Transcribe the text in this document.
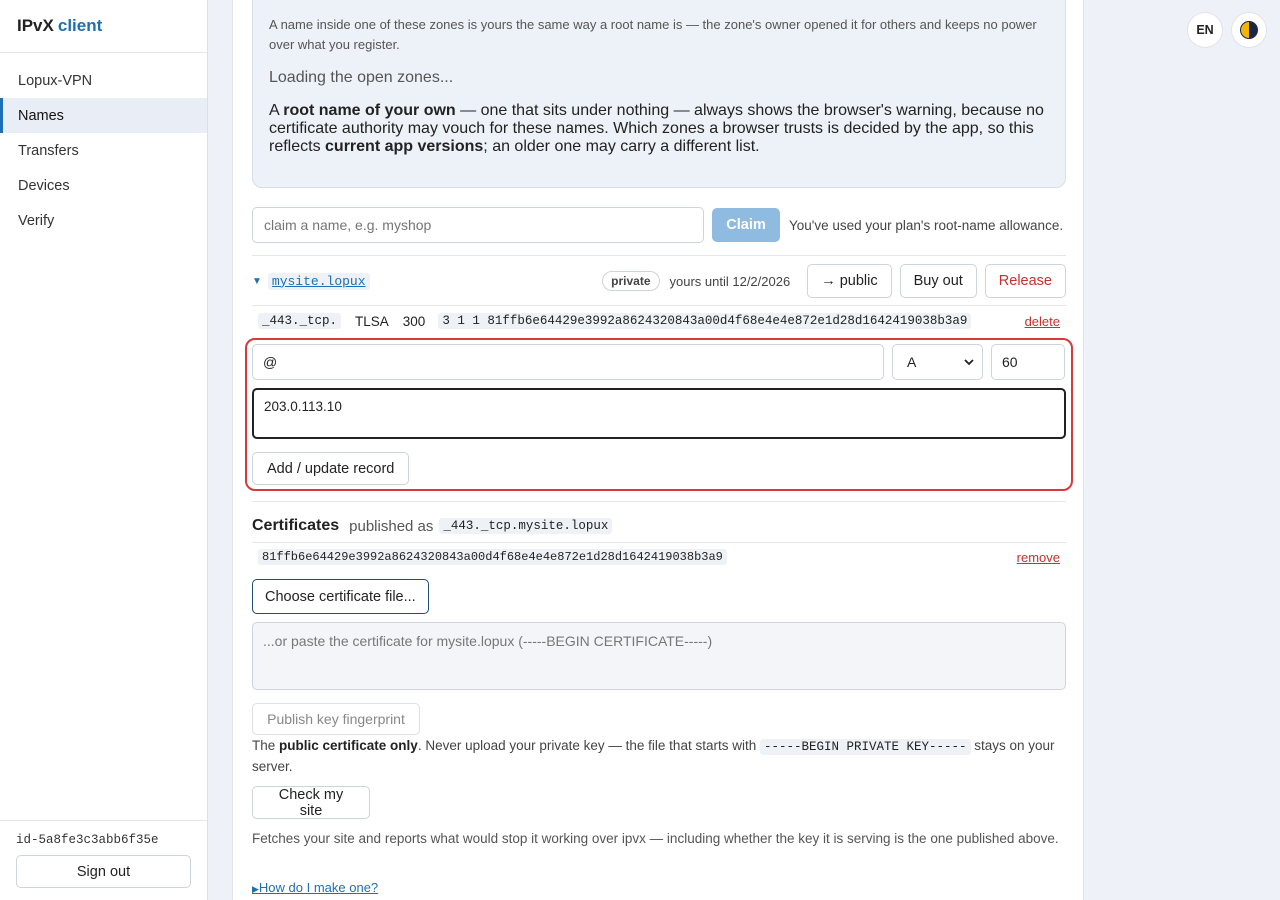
IPvX client
Lopux-VPN
Names
Transfers
Devices
Verify
id-5a8fe3c3abb6f35e
Sign out

A name inside one of these zones is yours the same way a root name is — the zone's owner opened it for others and keeps no power over what you register.

Loading the open zones...

A root name of your own — one that sits under nothing — always shows the browser's warning, because no certificate authority may vouch for these names. Which zones a browser trusts is decided by the app, so this reflects current app versions; an older one may carry a different list.

claim a name, e.g. myshop
Claim	You've used your plan's root-name allowance.
▼ mysite.lopux	private	yours until 12/2/2026	→ public	Buy out	Release
_443._tcp. TLSA 300	3 1 1 81ffb6e64429e3992a8624320843a00d4f68e4e4e872e1d28d1642419038b3a9	delete
@
A
60
203.0.113.10
Add / update record
Certificates published as _443._tcp.mysite.lopux
81ffb6e64429e3992a8624320843a00d4f68e4e4e872e1d28d1642419038b3a9	remove
Choose certificate file...
...or paste the certificate for mysite.lopux (-----BEGIN CERTIFICATE-----)
Publish key fingerprint

The public certificate only. Never upload your private key — the file that starts with -----BEGIN PRIVATE KEY----- stays on your server.

Check my site

Fetches your site and reports what would stop it working over ipvx — including whether the key it is serving is the one published above.

▶How do I make one?
EN
